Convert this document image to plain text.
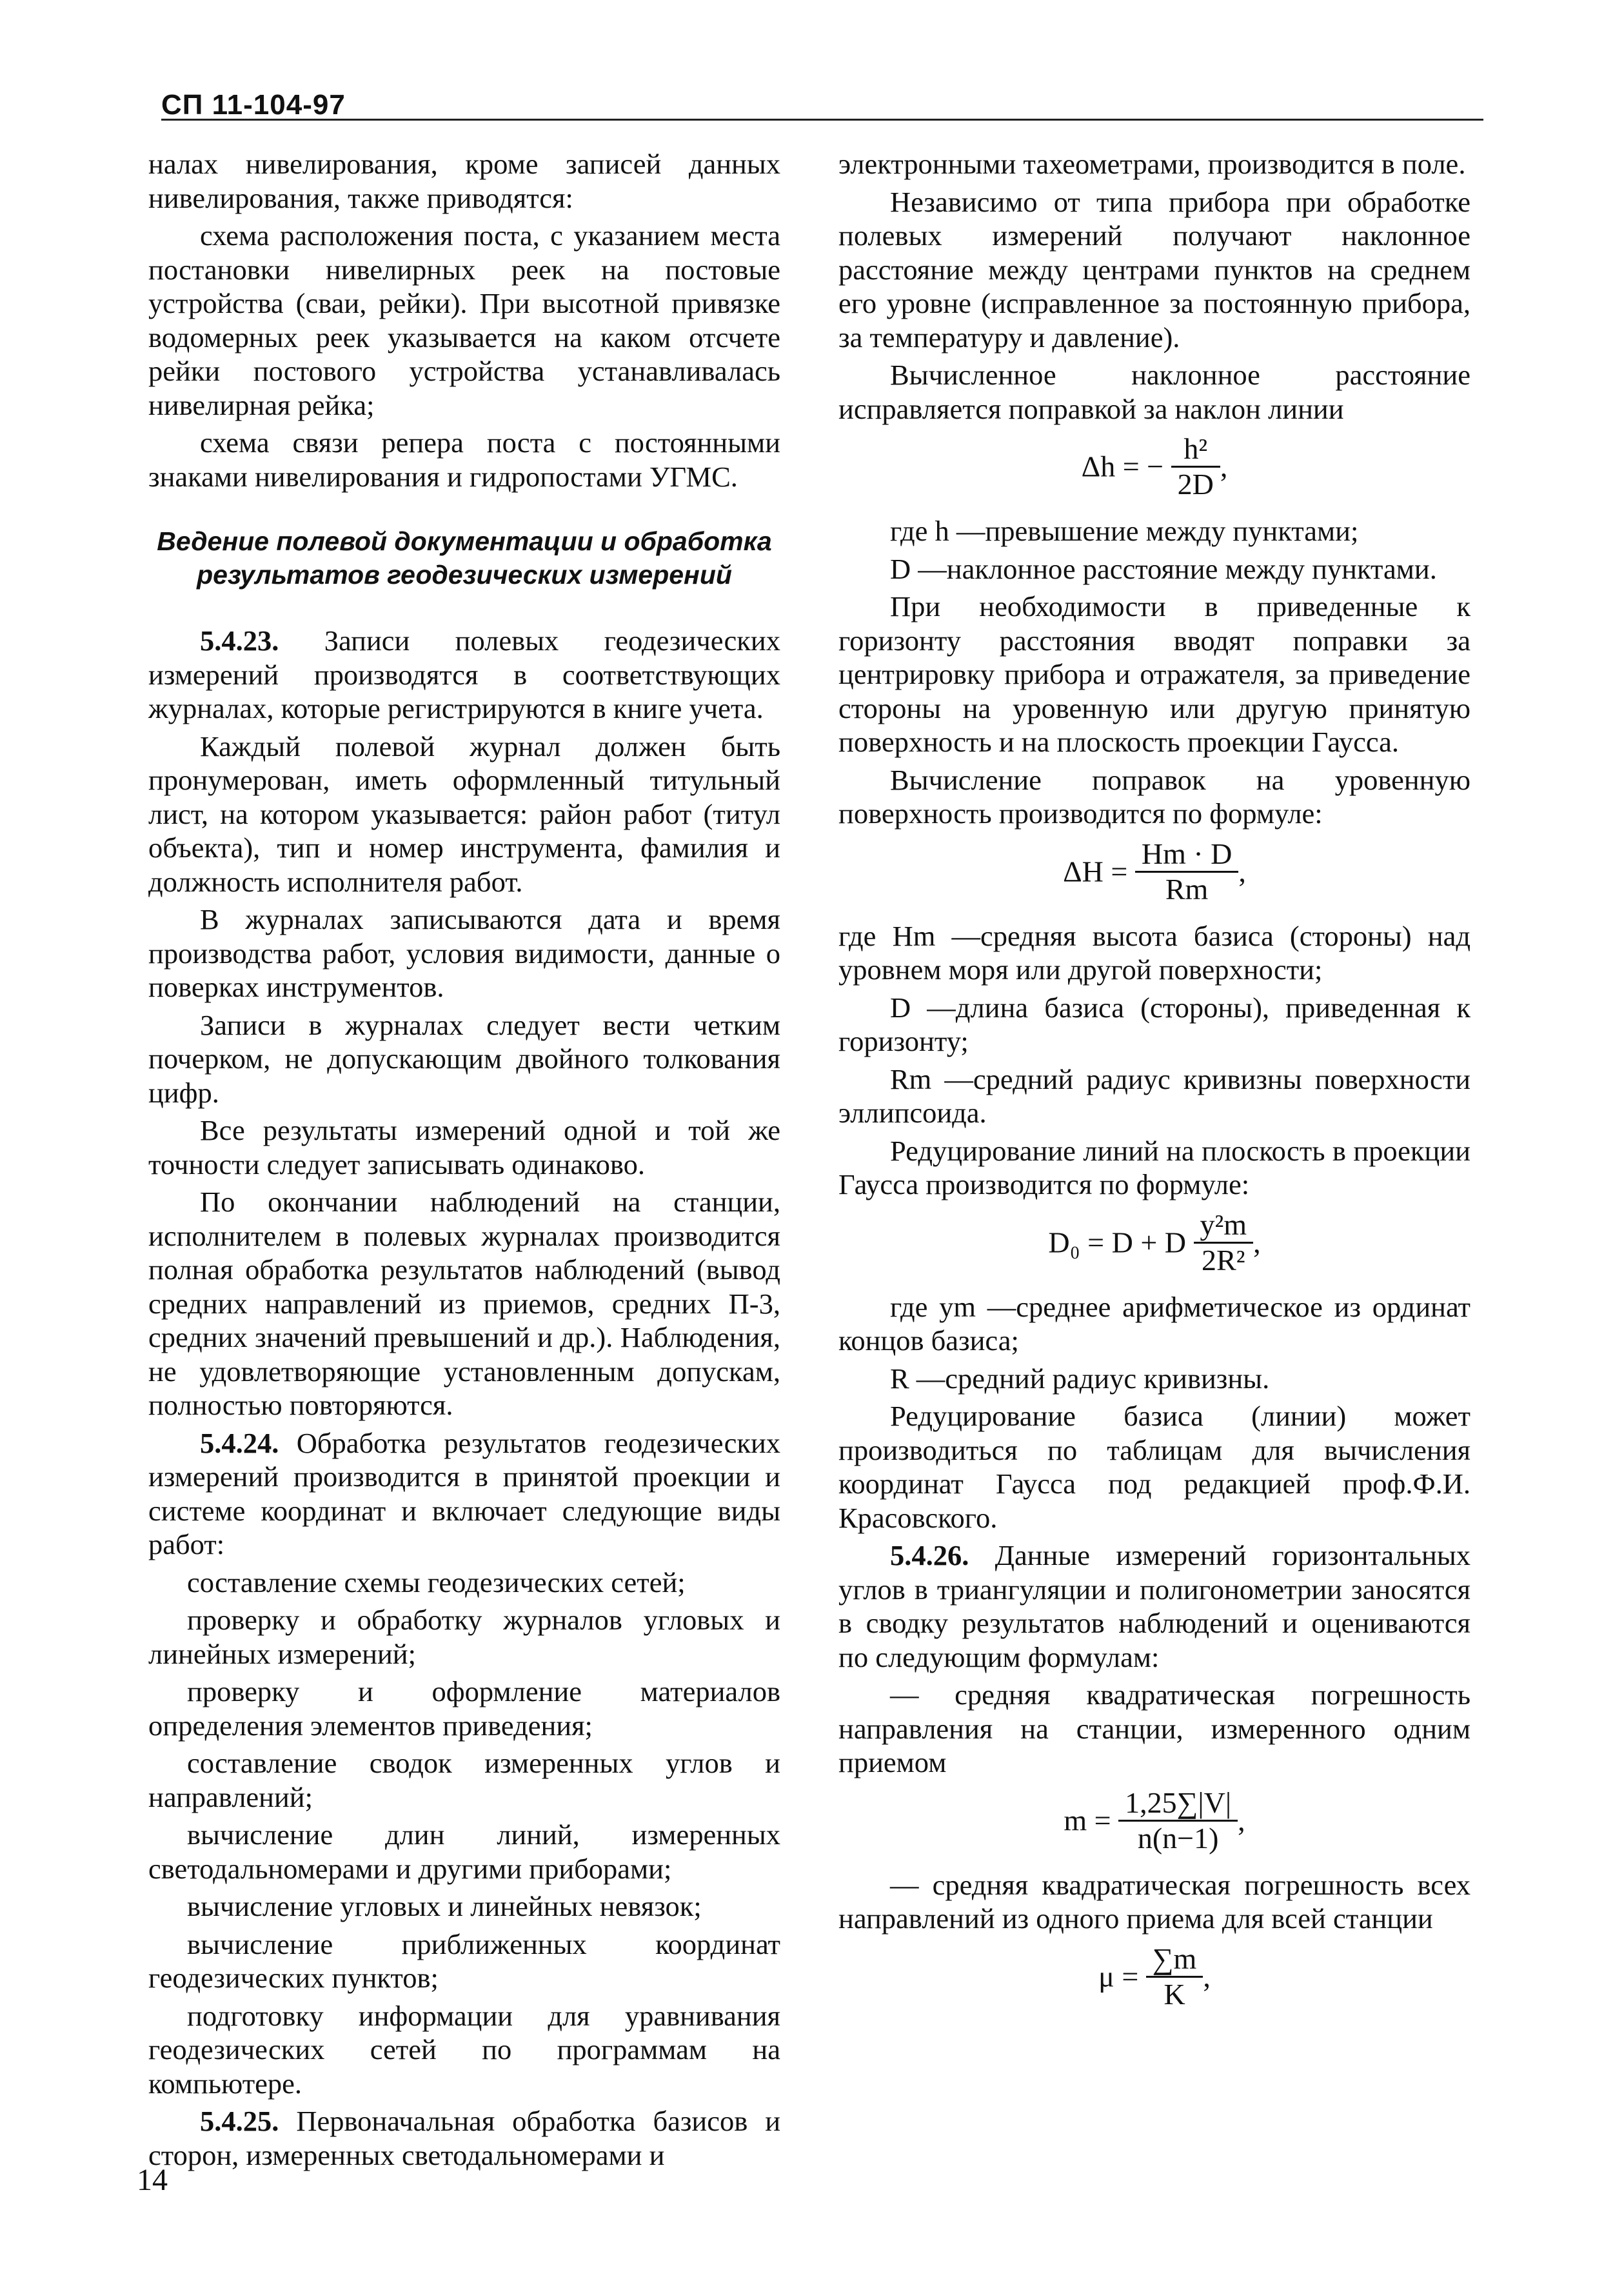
СП 11-104-97

налах нивелирования, кроме записей данных нивелирования, также приводятся:

схема расположения поста, с указанием места постановки нивелирных реек на постовые устройства (сваи, рейки). При высотной привязке водомерных реек указывается на каком отсчете рейки постового устройства устанавливалась нивелирная рейка;

схема связи репера поста с постоянными знаками нивелирования и гидропостами УГМС.

Ведение полевой документации и обработка результатов геодезических измерений

5.4.23. Записи полевых геодезических измерений производятся в соответствующих журналах, которые регистрируются в книге учета.

Каждый полевой журнал должен быть пронумерован, иметь оформленный титульный лист, на котором указывается: район работ (титул объекта), тип и номер инструмента, фамилия и должность исполнителя работ.

В журналах записываются дата и время производства работ, условия видимости, данные о поверках инструментов.

Записи в журналах следует вести четким почерком, не допускающим двойного толкования цифр.

Все результаты измерений одной и той же точности следует записывать одинаково.

По окончании наблюдений на станции, исполнителем в полевых журналах производится полная обработка результатов наблюдений (вывод средних направлений из приемов, средних П-3, средних значений превышений и др.). Наблюдения, не удовлетворяющие установленным допускам, полностью повторяются.

5.4.24. Обработка результатов геодезических измерений производится в принятой проекции и системе координат и включает следующие виды работ:

составление схемы геодезических сетей;

проверку и обработку журналов угловых и линейных измерений;

проверку и оформление материалов определения элементов приведения;

составление сводок измеренных углов и направлений;

вычисление длин линий, измеренных светодальномерами и другими приборами;

вычисление угловых и линейных невязок;

вычисление приближенных координат геодезических пунктов;

подготовку информации для уравнивания геодезических сетей по программам на компьютере.

5.4.25. Первоначальная обработка базисов и сторон, измеренных светодальномерами и

электронными тахеометрами, производится в поле.

Независимо от типа прибора при обработке полевых измерений получают наклонное расстояние между центрами пунктов на среднем его уровне (исправленное за постоянную прибора, за температуру и давление).

Вычисленное наклонное расстояние исправляется поправкой за наклон линии

Δh = − $\frac{\text{h²}}{2D}$ ,

где h —превышение между пунктами;

D —наклонное расстояние между пунктами.

При необходимости в приведенные к горизонту расстояния вводят поправки за центрировку прибора и отражателя, за приведение стороны на уровенную или другую принятую поверхность и на плоскость проекции Гаусса.

Вычисление поправок на уровенную поверхность производится по формуле:

$\Delta H = \frac{Hm \cdot D}{Rm}$ ,

где Hm —средняя высота базиса (стороны) над уровнем моря или другой поверхности;

D —длина базиса (стороны), приведенная к горизонту;

Rm —средний радиус кривизны поверхности эллипсоида.

Редуцирование линий на плоскость в проекции Гаусса производится по формуле:

D₀ = D + D $\frac{\text{y²m}}{\text{2R²}}$ ,

где ym —среднее арифметическое из ординат концов базиса;

R —средний радиус кривизны.

Редуцирование базиса (линии) может производиться по таблицам для вычисления координат Гаусса под редакцией проф.Ф.И. Красовского.

5.4.26. Данные измерений горизонтальных углов в триангуляции и полигонометрии заносятся в сводку результатов наблюдений и оцениваются по следующим формулам:

— средняя квадратическая погрешность направления на станции, измеренного одним приемом

$m = \frac{1,25\sum|V|}{n(n-1)}$ ,

— средняя квадратическая погрешность всех направлений из одного приема для всей станции

$\mu = \frac{\sum m}{K}$ ,
14
